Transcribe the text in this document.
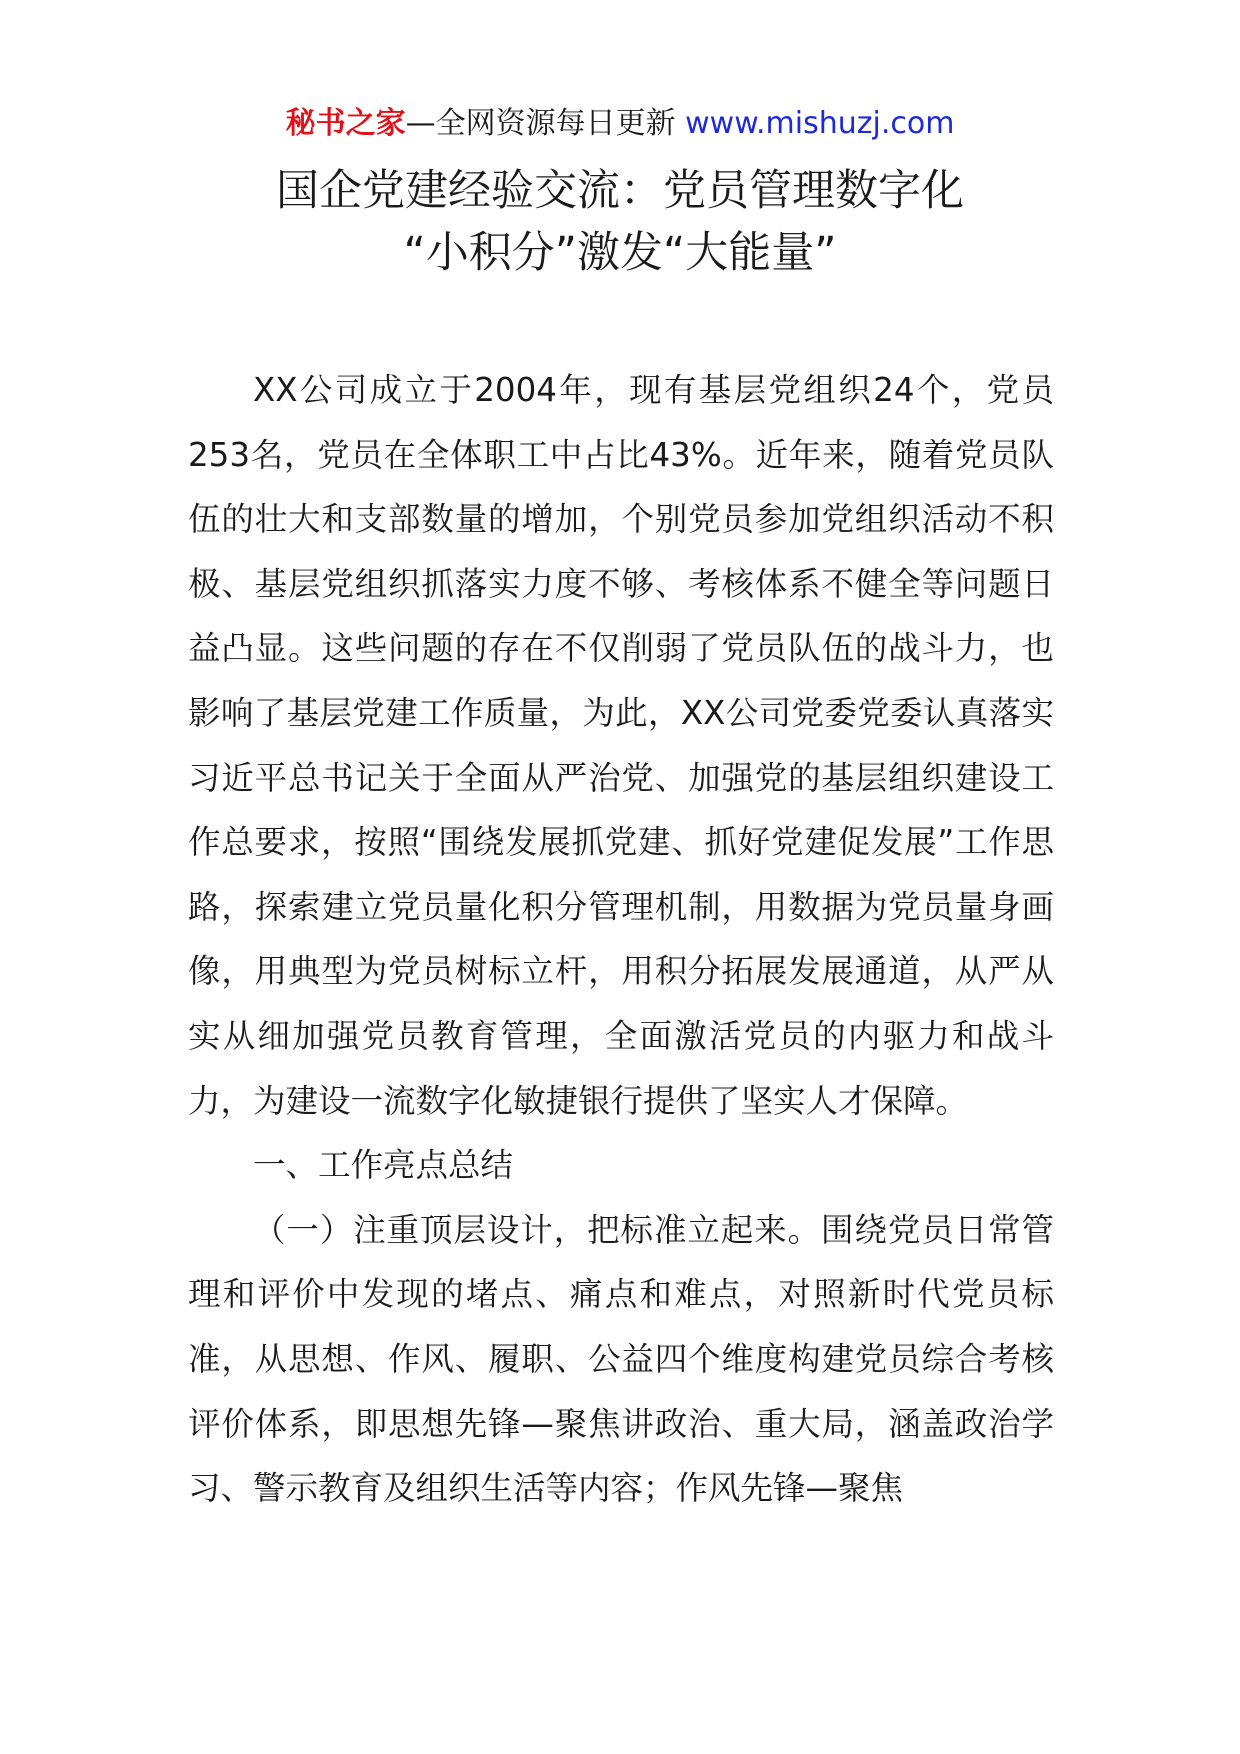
秘书之家—全网资源每日更新 www.mishuzj.com
国企党建经验交流：党员管理数字化
“小积分”激发“大能量”

XX公司成立于2004年，现有基层党组织24个，党员253名，党员在全体职工中占比43%。近年来，随着党员队伍的壮大和支部数量的增加，个别党员参加党组织活动不积极、基层党组织抓落实力度不够、考核体系不健全等问题日益凸显。这些问题的存在不仅削弱了党员队伍的战斗力，也影响了基层党建工作质量，为此，XX公司党委党委认真落实习近平总书记关于全面从严治党、加强党的基层组织建设工作总要求，按照“围绕发展抓党建、抓好党建促发展”工作思路，探索建立党员量化积分管理机制，用数据为党员量身画像，用典型为党员树标立杆，用积分拓展发展通道，从严从实从细加强党员教育管理，全面激活党员的内驱力和战斗力，为建设一流数字化敏捷银行提供了坚实人才保障。

一、工作亮点总结

（一）注重顶层设计，把标准立起来。围绕党员日常管理和评价中发现的堵点、痛点和难点，对照新时代党员标准，从思想、作风、履职、公益四个维度构建党员综合考核评价体系，即思想先锋—聚焦讲政治、重大局，涵盖政治学习、警示教育及组织生活等内容；作风先锋—聚焦
